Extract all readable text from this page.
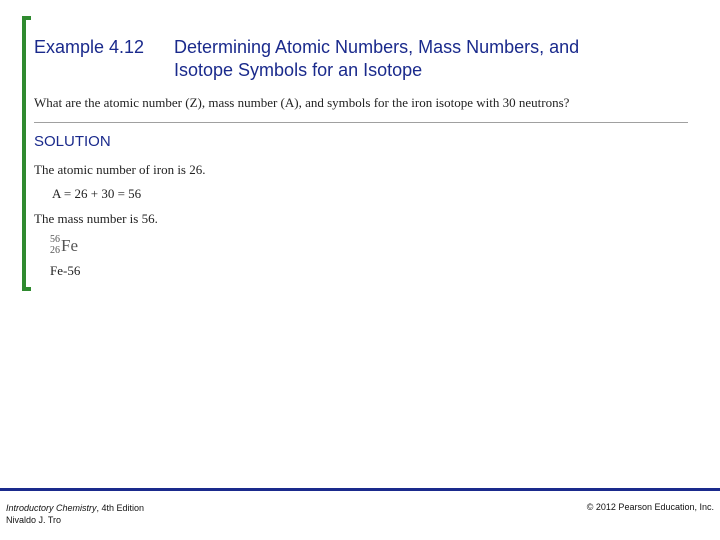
Example 4.12 Determining Atomic Numbers, Mass Numbers, and
Isotope Symbols for an Isotope
What are the atomic number (Z), mass number (A), and symbols for the iron isotope with 30 neutrons?
SOLUTION
The atomic number of iron is 26.
A = 26 + 30 = 56
The mass number is 56.
56
26Fe
Fe-56
Introductory Chemistry, 4th Edition
Nivaldo J. Tro
© 2012 Pearson Education, Inc.
